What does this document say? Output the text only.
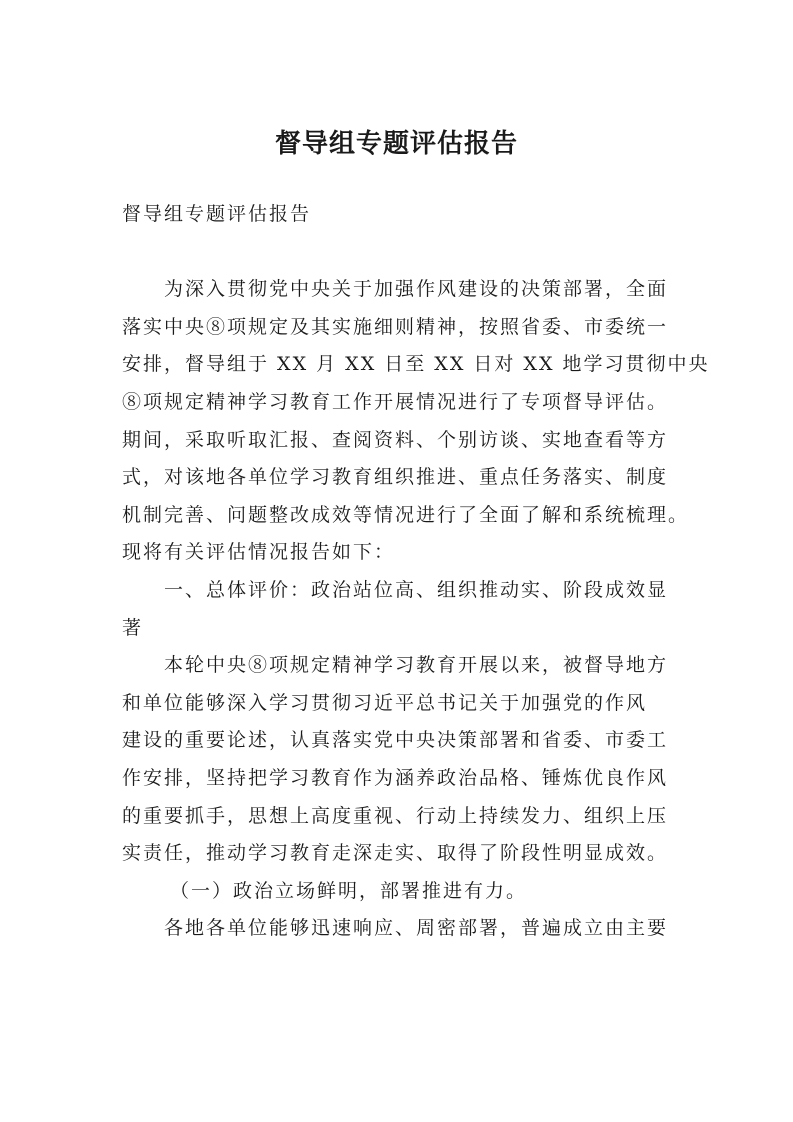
督导组专题评估报告

督导组专题评估报告

为深入贯彻党中央关于加强作风建设的决策部署，全面

落实中央⑧项规定及其实施细则精神，按照省委、市委统一

安排，督导组于 XX 月 XX 日至 XX 日对 XX 地学习贯彻中央

⑧项规定精神学习教育工作开展情况进行了专项督导评估。

期间，采取听取汇报、查阅资料、个别访谈、实地查看等方

式，对该地各单位学习教育组织推进、重点任务落实、制度

机制完善、问题整改成效等情况进行了全面了解和系统梳理。

现将有关评估情况报告如下：

一、总体评价：政治站位高、组织推动实、阶段成效显

著

本轮中央⑧项规定精神学习教育开展以来，被督导地方

和单位能够深入学习贯彻习近平总书记关于加强党的作风

建设的重要论述，认真落实党中央决策部署和省委、市委工

作安排，坚持把学习教育作为涵养政治品格、锤炼优良作风

的重要抓手，思想上高度重视、行动上持续发力、组织上压

实责任，推动学习教育走深走实、取得了阶段性明显成效。

（一）政治立场鲜明，部署推进有力。

各地各单位能够迅速响应、周密部署，普遍成立由主要
